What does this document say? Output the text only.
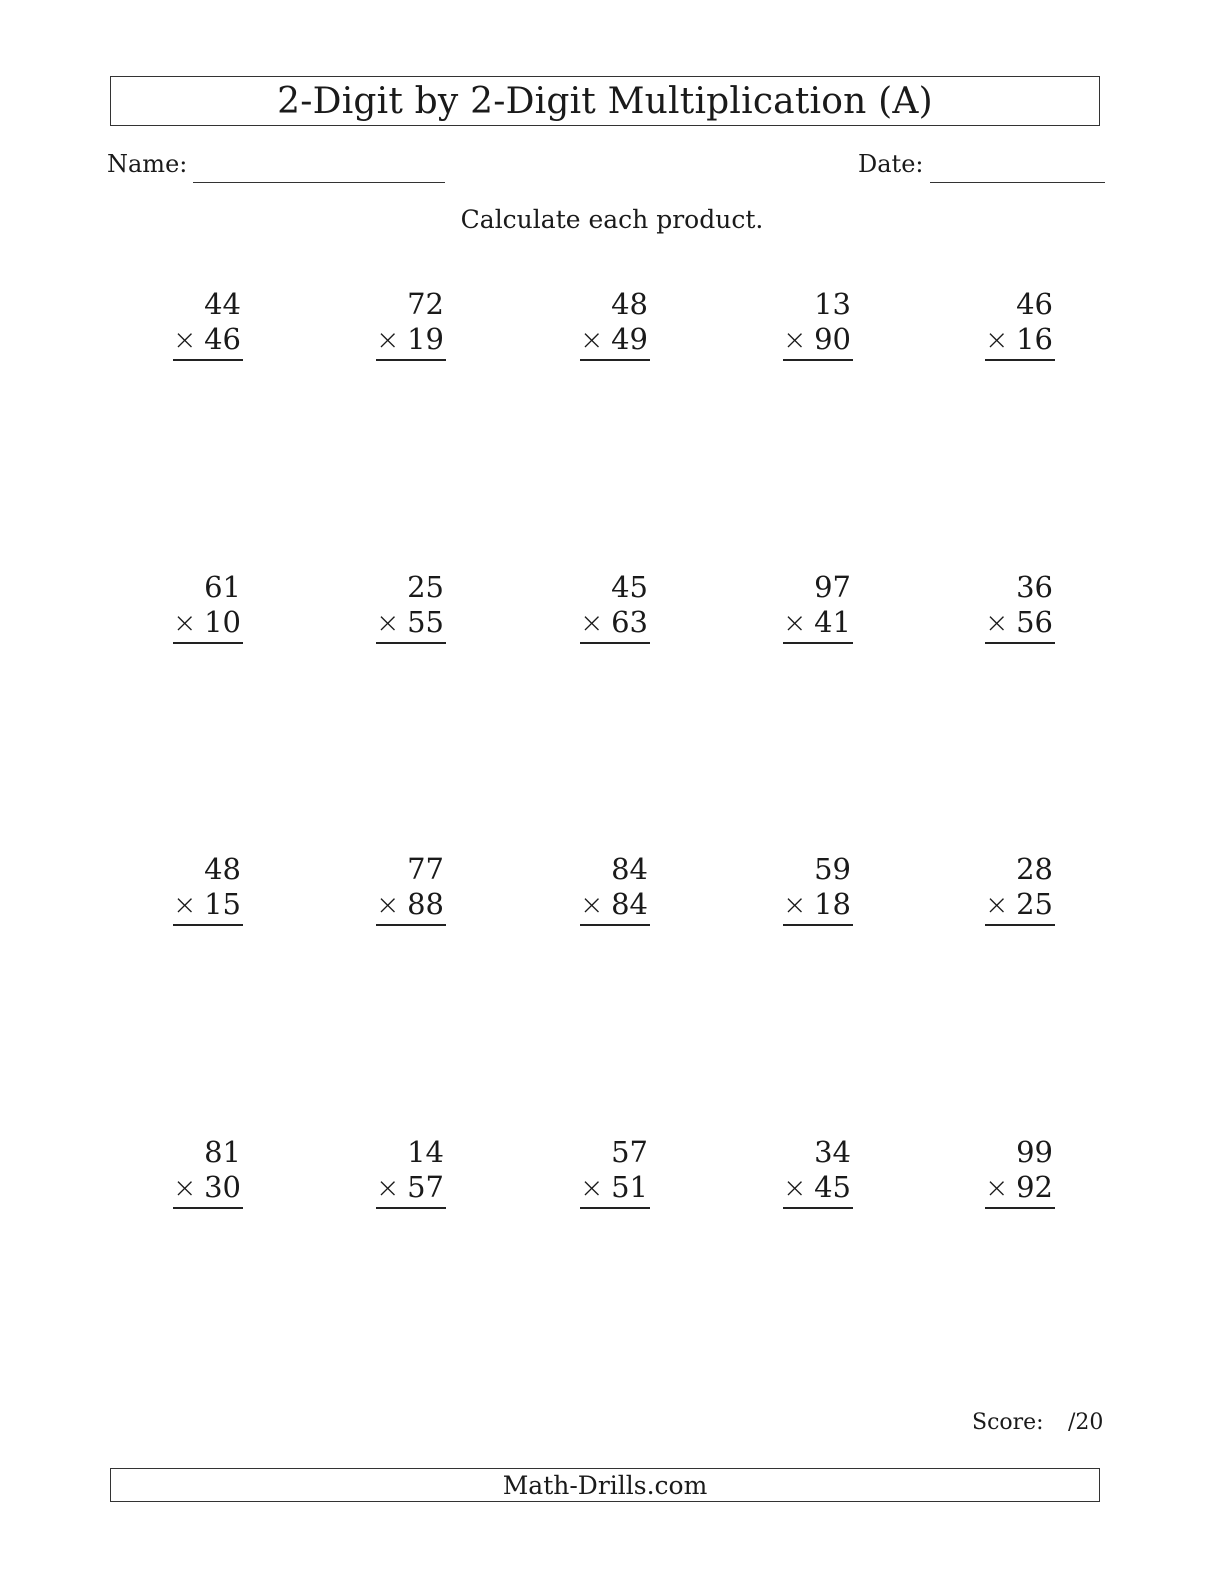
2-Digit by 2-Digit Multiplication (A)
Name:	Date:
Calculate each product.
44
× 46
72
× 19
48
× 49
13
× 90
46
× 16
61
× 10
25
× 55
45
× 63
97
× 41
36
× 56
48
× 15
77
× 88
84
× 84
59
× 18
28
× 25
81
× 30
14
× 57
57
× 51
34
× 45
99
× 92
Score: /20
Math-Drills.com
